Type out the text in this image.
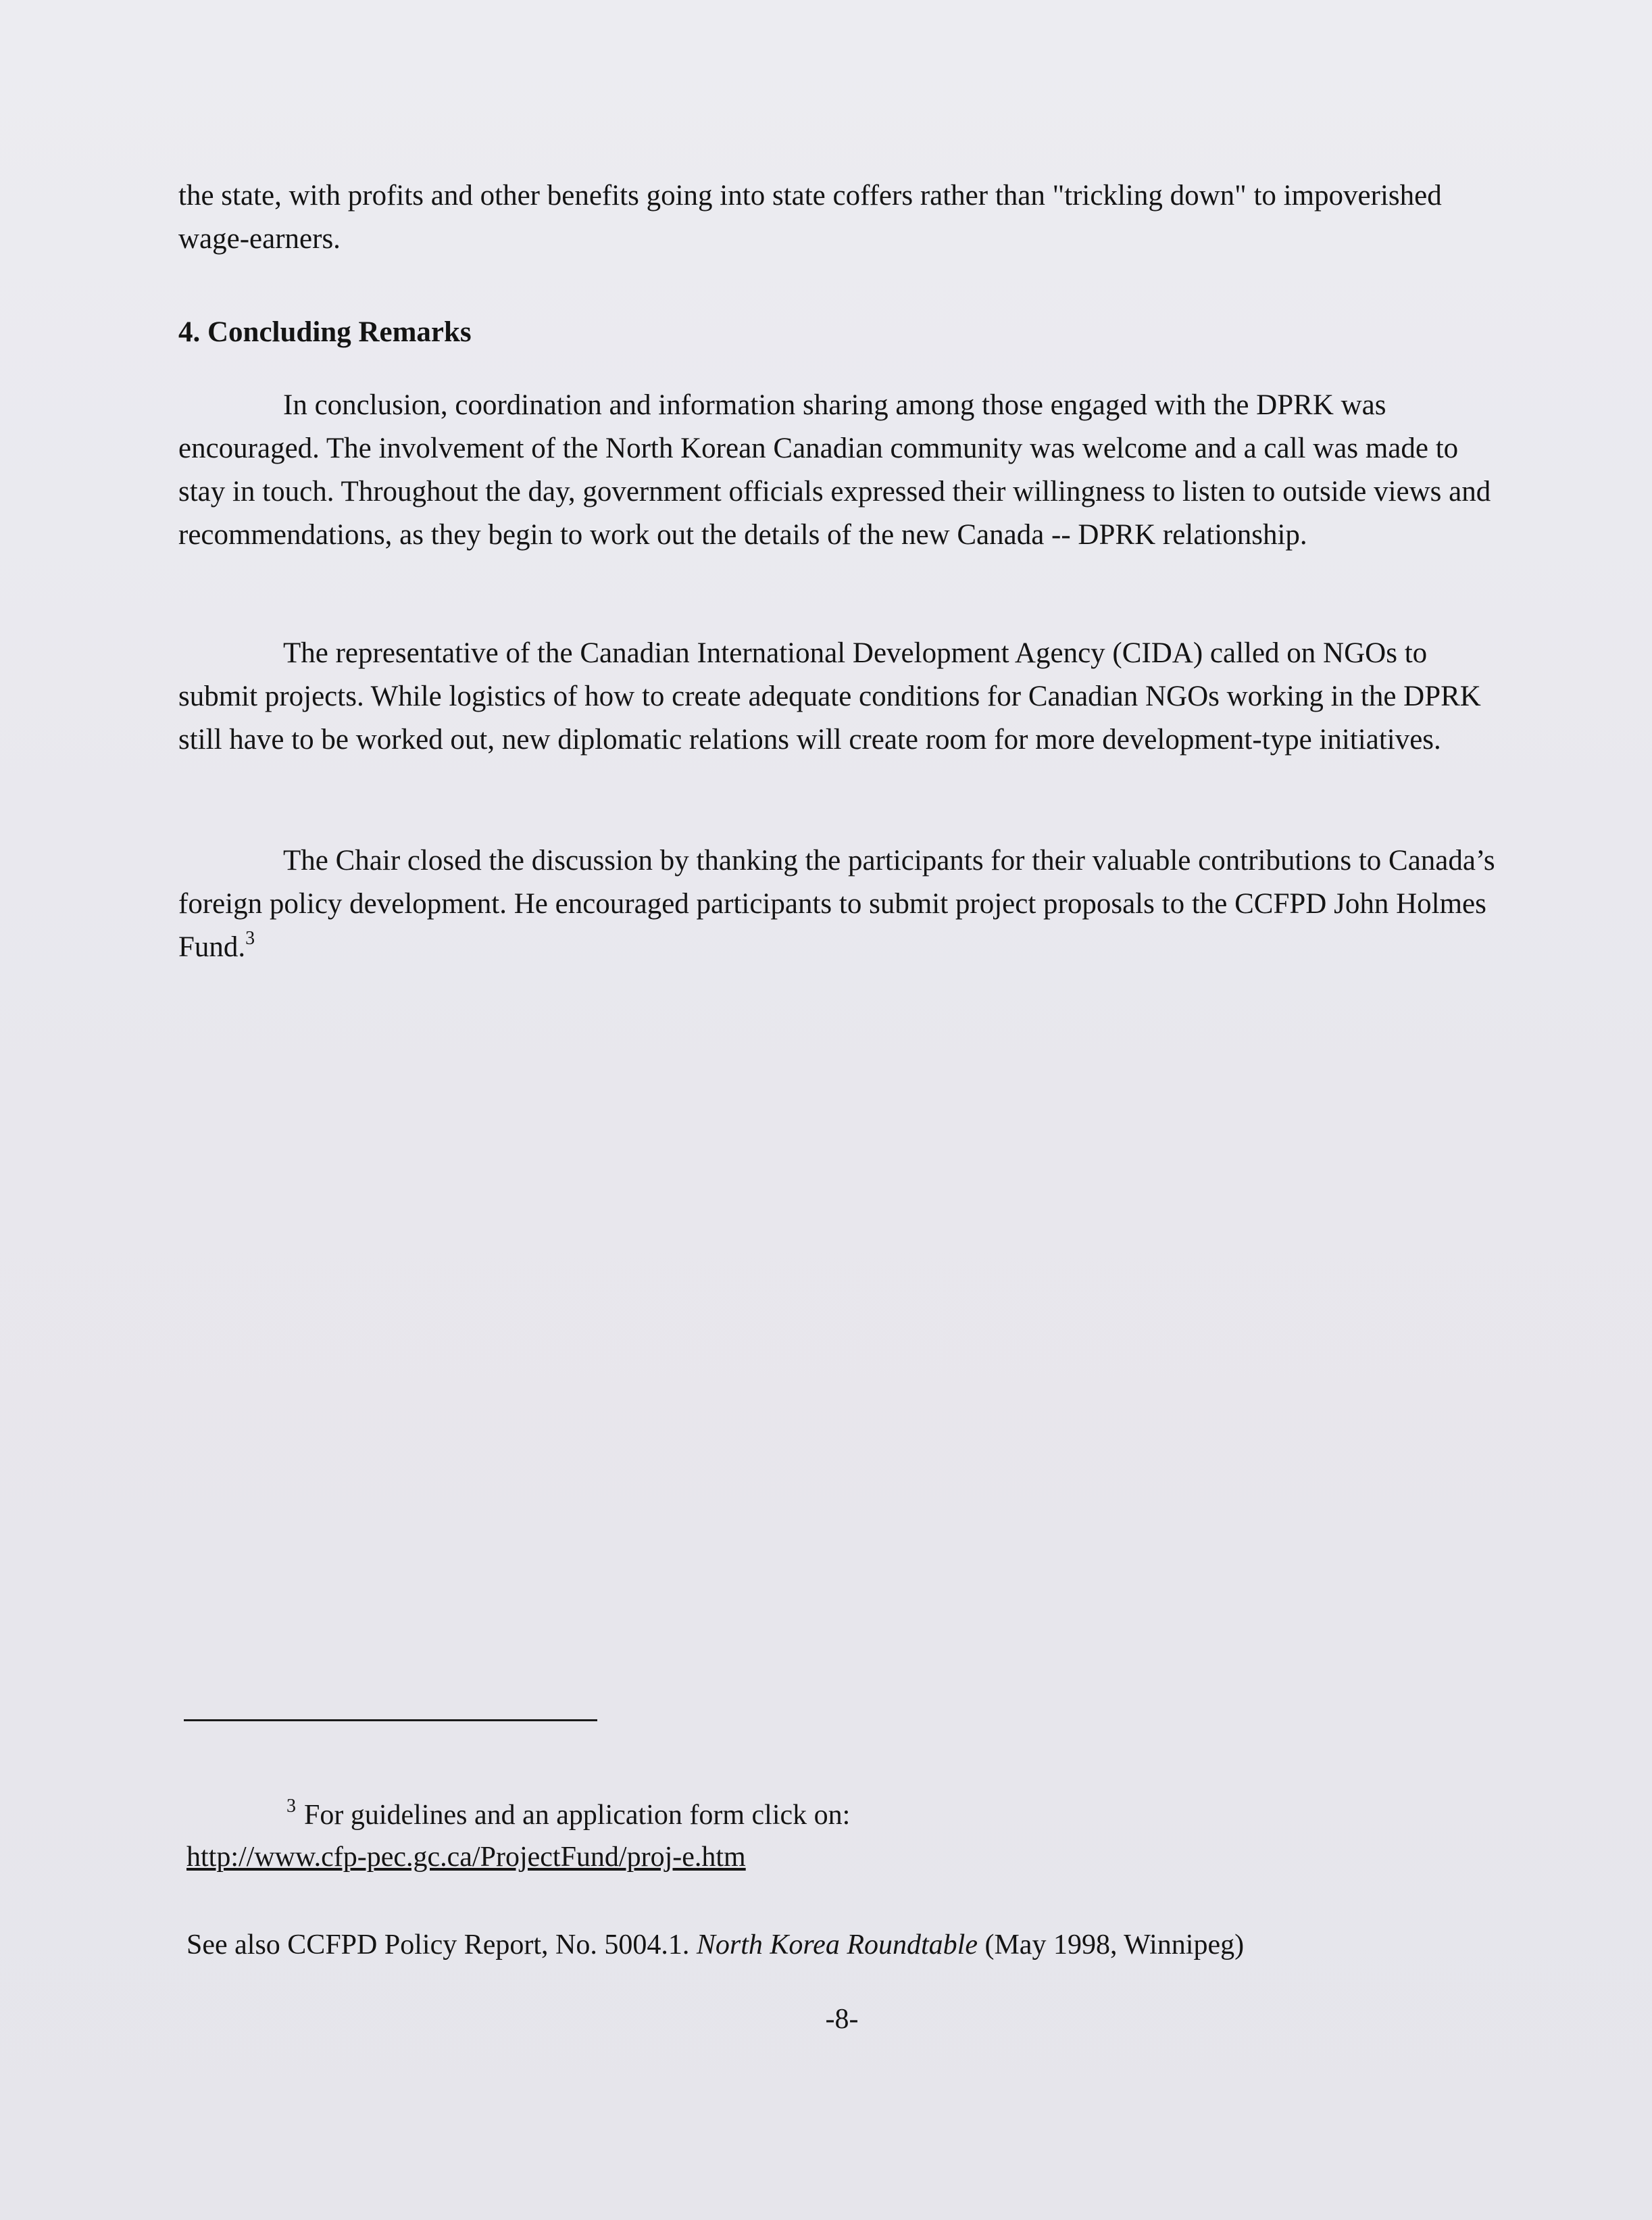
the state, with profits and other benefits going into state coffers rather than "trickling down" to impoverished wage-earners.
4. Concluding Remarks
In conclusion, coordination and information sharing among those engaged with the DPRK was encouraged. The involvement of the North Korean Canadian community was welcome and a call was made to stay in touch. Throughout the day, government officials expressed their willingness to listen to outside views and recommendations, as they begin to work out the details of the new Canada -- DPRK relationship.
The representative of the Canadian International Development Agency (CIDA) called on NGOs to submit projects. While logistics of how to create adequate conditions for Canadian NGOs working in the DPRK still have to be worked out, new diplomatic relations will create room for more development-type initiatives.
The Chair closed the discussion by thanking the participants for their valuable contributions to Canada’s foreign policy development. He encouraged participants to submit project proposals to the CCFPD John Holmes Fund.$^3$
$^3$ For guidelines and an application form click on:
http://www.cfp-pec.gc.ca/ProjectFund/proj-e.htm
See also CCFPD Policy Report, No. 5004.1. North Korea Roundtable (May 1998, Winnipeg)
-8-
